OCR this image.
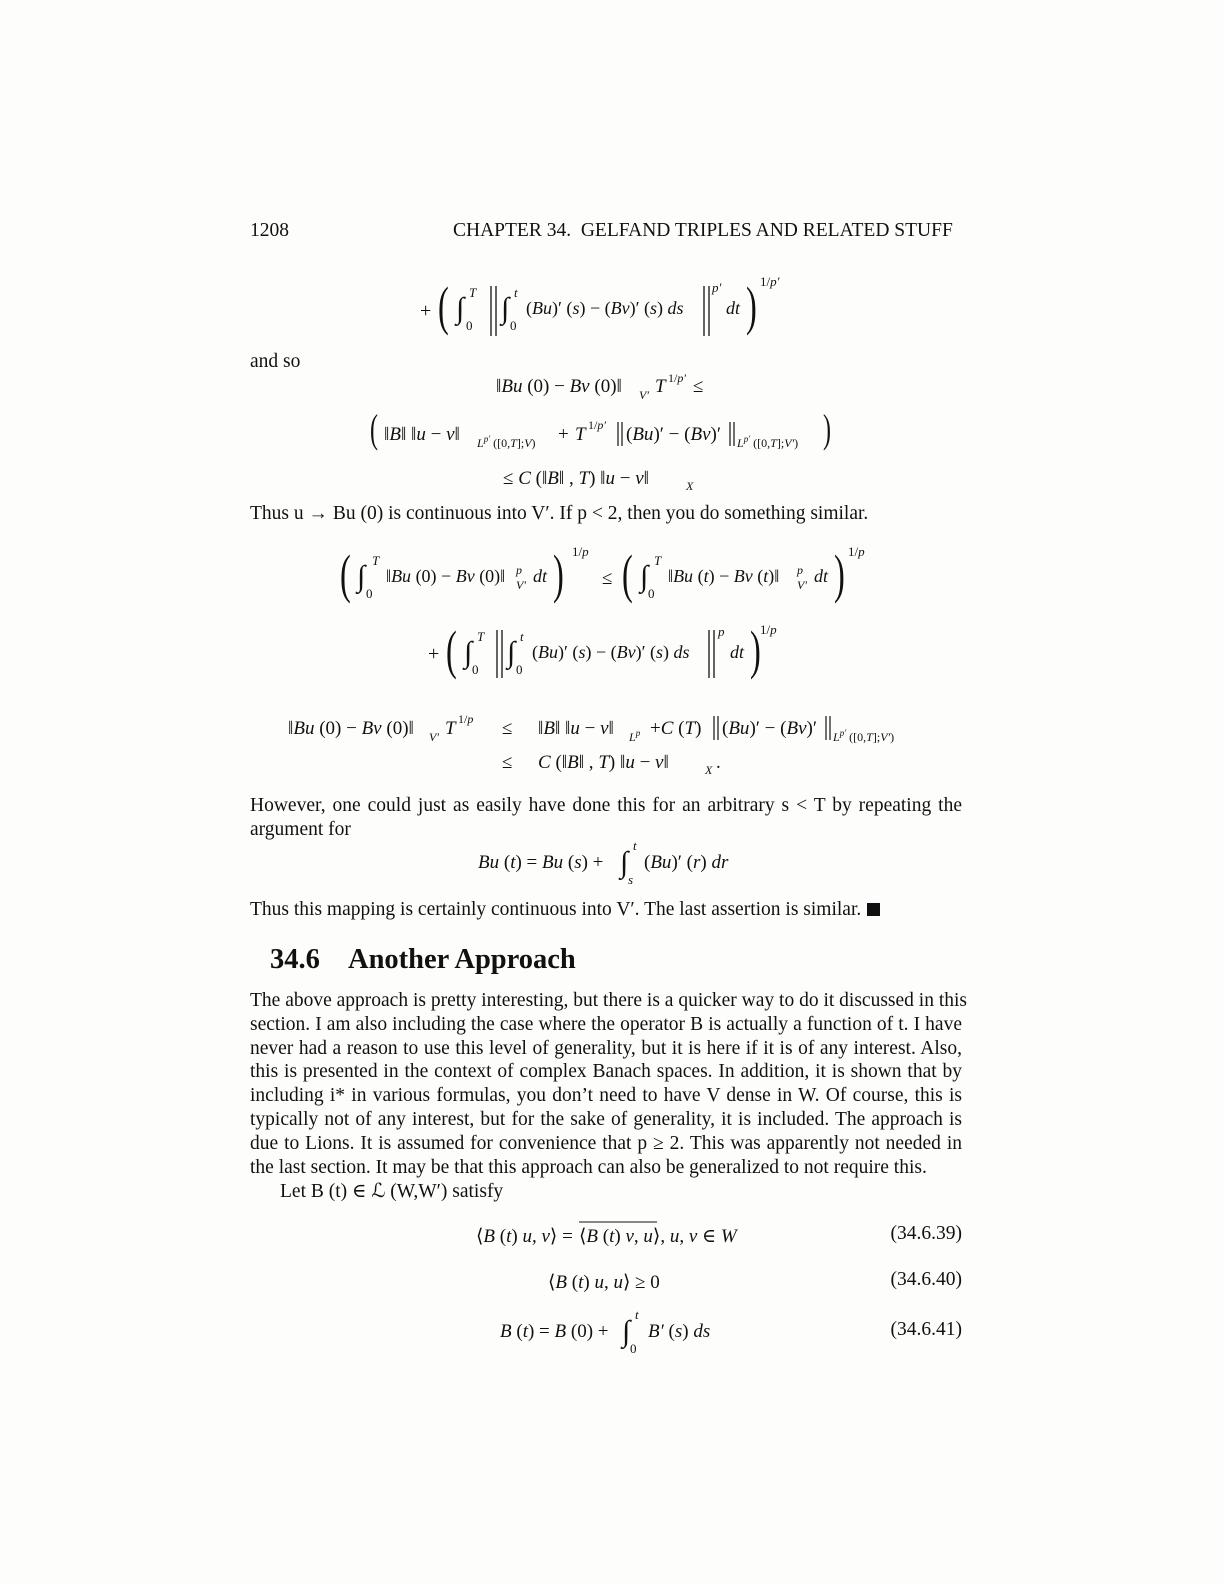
1208	CHAPTER 34.  GELFAND TRIPLES AND RELATED STUFF
+ ( ∫ T
0
∫ t
0
(Bu)′ (s) − (Bv)′ (s) ds
p′
dt ) 1/p′
and so
‖Bu (0) − Bv (0)‖ V′ T 1/p′ ≤
( ‖B‖ ‖u − v‖ $L^{p'}$ ([0,T];V) + T 1/p′ (Bu)′ − (Bv)′ $L^{p'}$ ([0,T];V′) )
≤ C (‖B‖ , T) ‖u − v‖	X
Thus u → Bu (0) is continuous into V′. If p < 2, then you do something similar.
( ∫ T
0
‖Bu (0) − Bv (0)‖ p
V′ dt ) 1/p
≤ ( ∫ T
0
‖Bu (t) − Bv (t)‖ p
V′ dt ) 1/p
+ ( ∫ T
0
∫ t
0
(Bu)′ (s) − (Bv)′ (s) ds
p
dt ) 1/p
‖Bu (0) − Bv (0)‖ V′ T 1/p ≤ ‖B‖ ‖u − v‖ $L^p +C$ (T) (Bu)′ − (Bv)′ $L^{p'}$ ([0,T];V′)
≤ C (‖B‖ , T) ‖u − v‖	X .
However, one could just as easily have done this for an arbitrary s < T by repeating the
argument for
Bu (t) = Bu (s) + ∫
t
s
(Bu)′ (r) dr
Thus this mapping is certainly continuous into V′. The last assertion is similar.
34.6 Another Approach
The above approach is pretty interesting, but there is a quicker way to do it discussed in this
section. I am also including the case where the operator B is actually a function of t. I have
never had a reason to use this level of generality, but it is here if it is of any interest. Also,
this is presented in the context of complex Banach spaces. In addition, it is shown that by
including i* in various formulas, you don’t need to have V dense in W. Of course, this is
typically not of any interest, but for the sake of generality, it is included. The approach is
due to Lions. It is assumed for convenience that p ≥ 2. This was apparently not needed in
the last section. It may be that this approach can also be generalized to not require this.
Let B (t) ∈ ℒ (W,W′) satisfy
⟨B (t) u, v⟩ = ⟨B (t) v, u⟩, u, v ∈ W	(34.6.39)
⟨B (t) u, u⟩ ≥ 0	(34.6.40)
B (t) = B (0) + ∫
t
0
B′ (s) ds	(34.6.41)
